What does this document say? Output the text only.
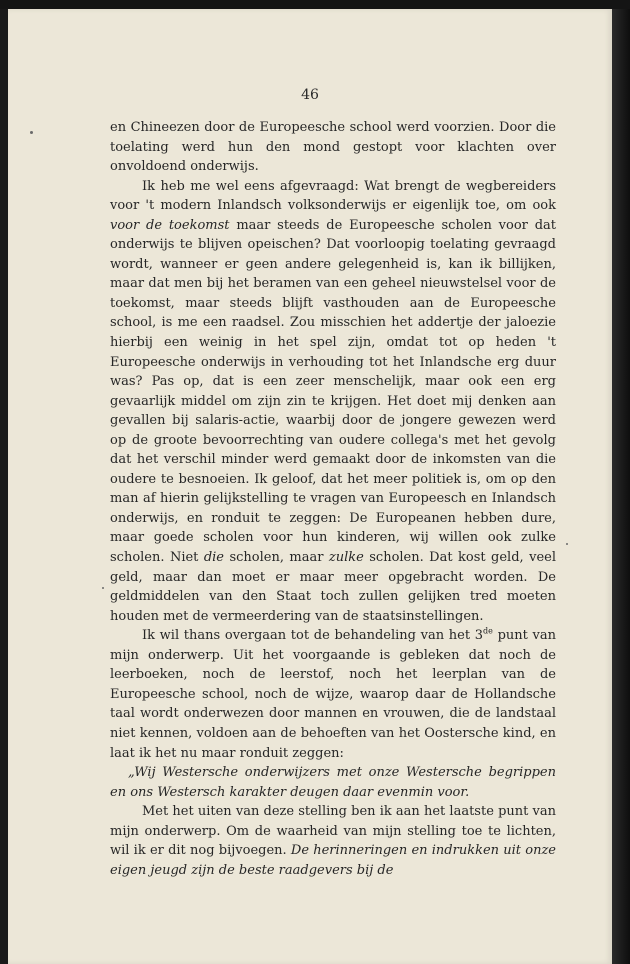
46

en Chineezen door de Europeesche school werd voorzien. Door die toelating werd hun den mond gestopt voor klachten over onvoldoend onderwijs.

Ik heb me wel eens afgevraagd: Wat brengt de wegbereiders voor 't modern Inlandsch volksonderwijs er eigenlijk toe, om ook voor de toekomst maar steeds de Europeesche scholen voor dat onderwijs te blijven opeischen? Dat voorloopig toelating gevraagd wordt, wanneer er geen andere gelegenheid is, kan ik billijken, maar dat men bij het beramen van een geheel nieuwstelsel voor de toekomst, maar steeds blijft vasthouden aan de Europeesche school, is me een raadsel. Zou misschien het addertje der jaloezie hierbij een weinig in het spel zijn, omdat tot op heden 't Europeesche onderwijs in verhouding tot het Inlandsche erg duur was? Pas op, dat is een zeer menschelijk, maar ook een erg gevaarlijk middel om zijn zin te krijgen. Het doet mij denken aan gevallen bij salaris-actie, waarbij door de jongere gewezen werd op de groote bevoorrechting van oudere collega's met het gevolg dat het verschil minder werd gemaakt door de inkomsten van die oudere te besnoeien. Ik geloof, dat het meer politiek is, om op den man af hierin gelijkstelling te vragen van Europeesch en Inlandsch onderwijs, en ronduit te zeggen: De Europeanen hebben dure, maar goede scholen voor hun kinderen, wij willen ook zulke scholen. Niet die scholen, maar zulke scholen. Dat kost geld, veel geld, maar dan moet er maar meer opgebracht worden. De geldmiddelen van den Staat toch zullen gelijken tred moeten houden met de vermeerdering van de staatsinstellingen.

Ik wil thans overgaan tot de behandeling van het 3de punt van mijn onderwerp. Uit het voorgaande is gebleken dat noch de leerboeken, noch de leerstof, noch het leerplan van de Europeesche school, noch de wijze, waarop daar de Hollandsche taal wordt onderwezen door mannen en vrouwen, die de landstaal niet kennen, voldoen aan de behoeften van het Oostersche kind, en laat ik het nu maar ronduit zeggen:

„Wij Westersche onderwijzers met onze Westersche begrippen en ons Westersch karakter deugen daar evenmin voor.

Met het uiten van deze stelling ben ik aan het laatste punt van mijn onderwerp. Om de waarheid van mijn stelling toe te lichten, wil ik er dit nog bijvoegen. De herinneringen en indrukken uit onze eigen jeugd zijn de beste raadgevers bij de
